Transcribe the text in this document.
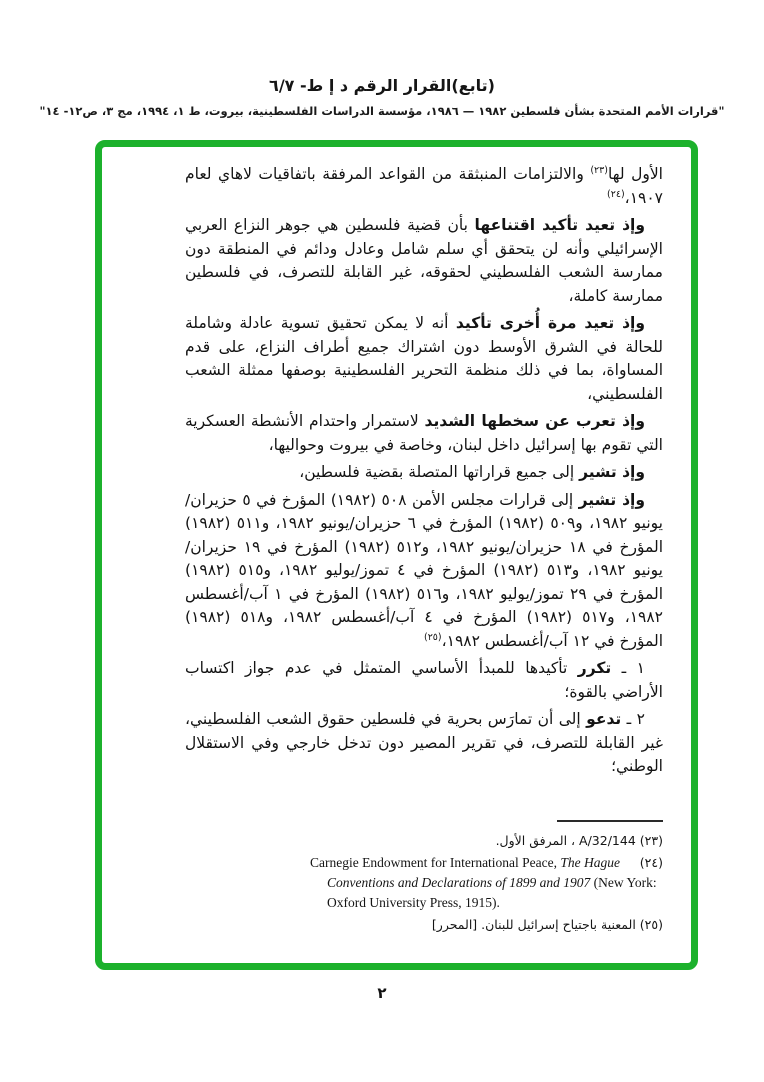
(تابع)القرار الرقم د إ ط- ٦/٧
"قرارات الأمم المتحدة بشأن فلسطين ١٩٨٢ — ١٩٨٦، مؤسسة الدراسات الفلسطينية، بيروت، ط ١، ١٩٩٤، مج ٣، ص١٢- ١٤"

الأول لها$^{(٢٣)}$ والالتزامات المنبثقة من القواعد المرفقة باتفاقيات لاهاي لعام ١٩٠٧،$^{(٢٤)}$

وإذ تعيد تأكيد اقتناعها بأن قضية فلسطين هي جوهر النزاع العربي الإسرائيلي وأنه لن يتحقق أي سلم شامل وعادل ودائم في المنطقة دون ممارسة الشعب الفلسطيني لحقوقه، غير القابلة للتصرف، في فلسطين ممارسة كاملة،

وإذ تعيد مرة أُخرى تأكيد أنه لا يمكن تحقيق تسوية عادلة وشاملة للحالة في الشرق الأوسط دون اشتراك جميع أطراف النزاع، على قدم المساواة، بما في ذلك منظمة التحرير الفلسطينية بوصفها ممثلة الشعب الفلسطيني،

وإذ تعرب عن سخطها الشديد لاستمرار واحتدام الأنشطة العسكرية التي تقوم بها إسرائيل داخل لبنان، وخاصة في بيروت وحواليها،

وإذ تشير إلى جميع قراراتها المتصلة بقضية فلسطين،

وإذ تشير إلى قرارات مجلس الأمن ٥٠٨ (١٩٨٢) المؤرخ في ٥ حزيران/يونيو ١٩٨٢، و٥٠٩ (١٩٨٢) المؤرخ في ٦ حزيران/يونيو ١٩٨٢، و٥١١ (١٩٨٢) المؤرخ في ١٨ حزيران/يونيو ١٩٨٢، و٥١٢ (١٩٨٢) المؤرخ في ١٩ حزيران/يونيو ١٩٨٢، و٥١٣ (١٩٨٢) المؤرخ في ٤ تموز/يوليو ١٩٨٢، و٥١٥ (١٩٨٢) المؤرخ في ٢٩ تموز/يوليو ١٩٨٢، و٥١٦ (١٩٨٢) المؤرخ في ١ آب/أغسطس ١٩٨٢، و٥١٧ (١٩٨٢) المؤرخ في ٤ آب/أغسطس ١٩٨٢، و٥١٨ (١٩٨٢) المؤرخ في ١٢ آب/أغسطس ١٩٨٢،$^{(٢٥)}$

١ ـ تكرر تأكيدها للمبدأ الأساسي المتمثل في عدم جواز اكتساب الأراضي بالقوة؛

٢ ـ تدعو إلى أن تمارَس بحرية في فلسطين حقوق الشعب الفلسطيني، غير القابلة للتصرف، في تقرير المصير دون تدخل خارجي وفي الاستقلال الوطني؛

(٢٣) A/32/144 ، المرفق الأول.
(٢٤)
Carnegie Endowment for International Peace, The Hague Conventions and Declarations of 1899 and 1907 (New York: Oxford University Press, 1915).
(٢٥) المعنية باجتياح إسرائيل للبنان. [المحرر]
٢
